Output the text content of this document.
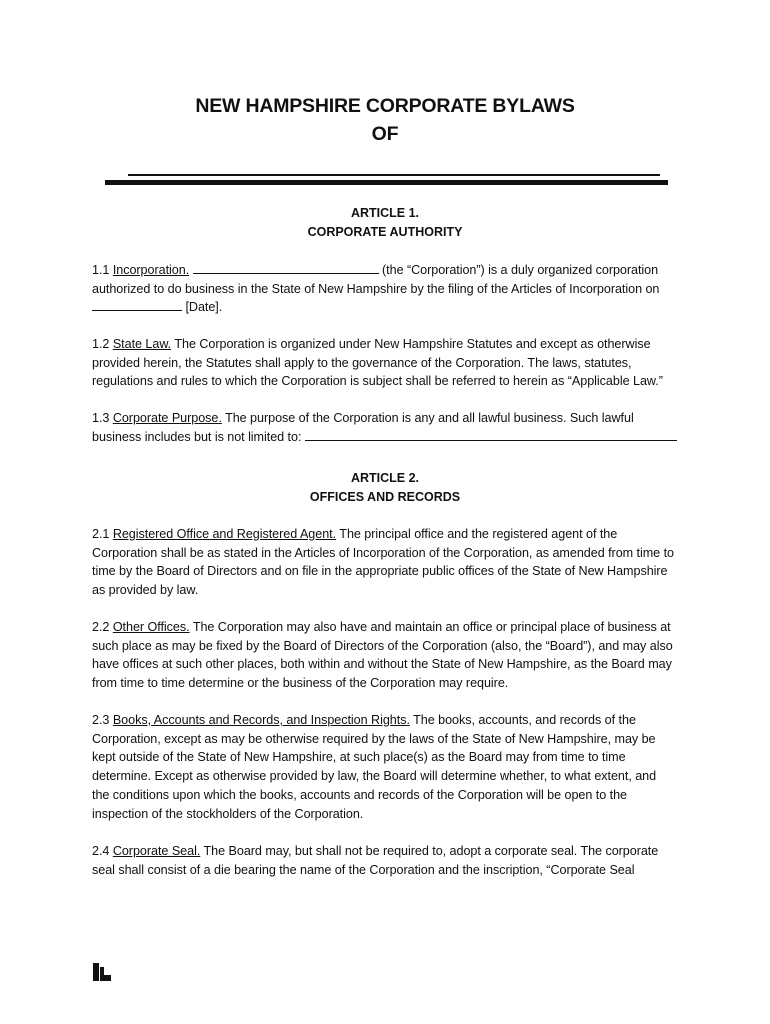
NEW HAMPSHIRE CORPORATE BYLAWS
OF
ARTICLE 1.
CORPORATE AUTHORITY
1.1 Incorporation.	(the “Corporation”) is a duly organized corporation
authorized to do business in the State of New Hampshire by the filing of the Articles of Incorporation on
[Date].
1.2 State Law. The Corporation is organized under New Hampshire Statutes and except as otherwise
provided herein, the Statutes shall apply to the governance of the Corporation. The laws, statutes,
regulations and rules to which the Corporation is subject shall be referred to herein as “Applicable Law.”
1.3 Corporate Purpose. The purpose of the Corporation is any and all lawful business. Such lawful
business includes but is not limited to:
ARTICLE 2.
OFFICES AND RECORDS
2.1 Registered Office and Registered Agent. The principal office and the registered agent of the
Corporation shall be as stated in the Articles of Incorporation of the Corporation, as amended from time to
time by the Board of Directors and on file in the appropriate public offices of the State of New Hampshire
as provided by law.
2.2 Other Offices. The Corporation may also have and maintain an office or principal place of business at
such place as may be fixed by the Board of Directors of the Corporation (also, the “Board”), and may also
have offices at such other places, both within and without the State of New Hampshire, as the Board may
from time to time determine or the business of the Corporation may require.
2.3 Books, Accounts and Records, and Inspection Rights. The books, accounts, and records of the
Corporation, except as may be otherwise required by the laws of the State of New Hampshire, may be
kept outside of the State of New Hampshire, at such place(s) as the Board may from time to time
determine. Except as otherwise provided by law, the Board will determine whether, to what extent, and
the conditions upon which the books, accounts and records of the Corporation will be open to the
inspection of the stockholders of the Corporation.
2.4 Corporate Seal. The Board may, but shall not be required to, adopt a corporate seal. The corporate
seal shall consist of a die bearing the name of the Corporation and the inscription, “Corporate Seal
